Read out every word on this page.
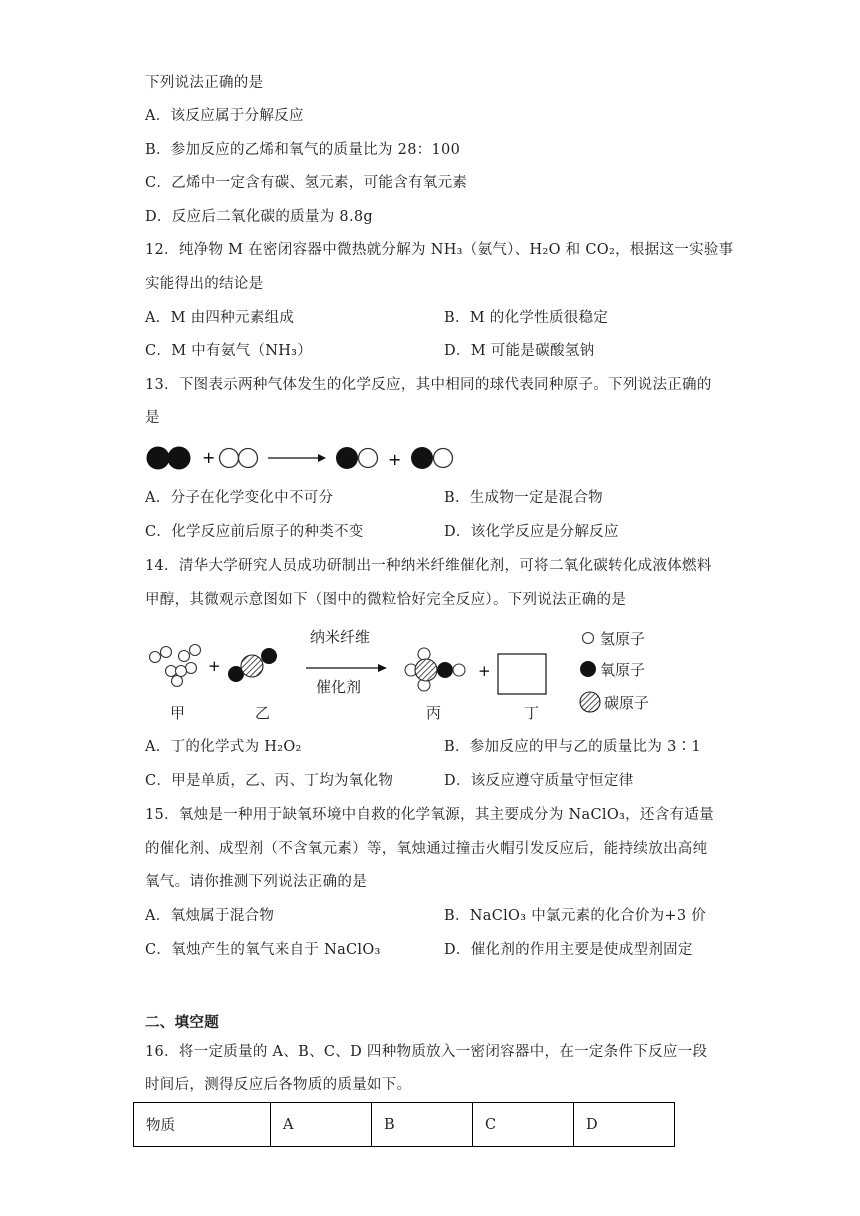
下列说法正确的是
A．该反应属于分解反应
B．参加反应的乙烯和氧气的质量比为 28：100
C．乙烯中一定含有碳、氢元素，可能含有氧元素
D．反应后二氧化碳的质量为 8.8g
12．纯净物 M 在密闭容器中微热就分解为 NH₃（氨气）、H₂O 和 CO₂，根据这一实验事
实能得出的结论是
A．M 由四种元素组成	B．M 的化学性质很稳定
C．M 中有氨气（NH₃）	D．M 可能是碳酸氢钠
13．下图表示两种气体发生的化学反应，其中相同的球代表同种原子。下列说法正确的
是
+	+
A．分子在化学变化中不可分	B．生成物一定是混合物
C．化学反应前后原子的种类不变	D．该化学反应是分解反应
14．清华大学研究人员成功研制出一种纳米纤维催化剂，可将二氧化碳转化成液体燃料
甲醇，其微观示意图如下（图中的微粒恰好完全反应）。下列说法正确的是
+	+
纳米纤维
催化剂
甲	乙	丙	丁
氢原子
氧原子
碳原子
A．丁的化学式为 H₂O₂	B．参加反应的甲与乙的质量比为 3∶1
C．甲是单质，乙、丙、丁均为氧化物	D．该反应遵守质量守恒定律
15．氧烛是一种用于缺氧环境中自救的化学氧源，其主要成分为 NaClO₃，还含有适量
的催化剂、成型剂（不含氧元素）等，氧烛通过撞击火帽引发反应后，能持续放出高纯
氧气。请你推测下列说法正确的是
A．氧烛属于混合物	B．NaClO₃ 中氯元素的化合价为+3 价
C．氧烛产生的氧气来自于 NaClO₃	D．催化剂的作用主要是使成型剂固定
二、填空题
16．将一定质量的 A、B、C、D 四种物质放入一密闭容器中，在一定条件下反应一段
时间后，测得反应后各物质的质量如下。
物质	A	B	C	D
